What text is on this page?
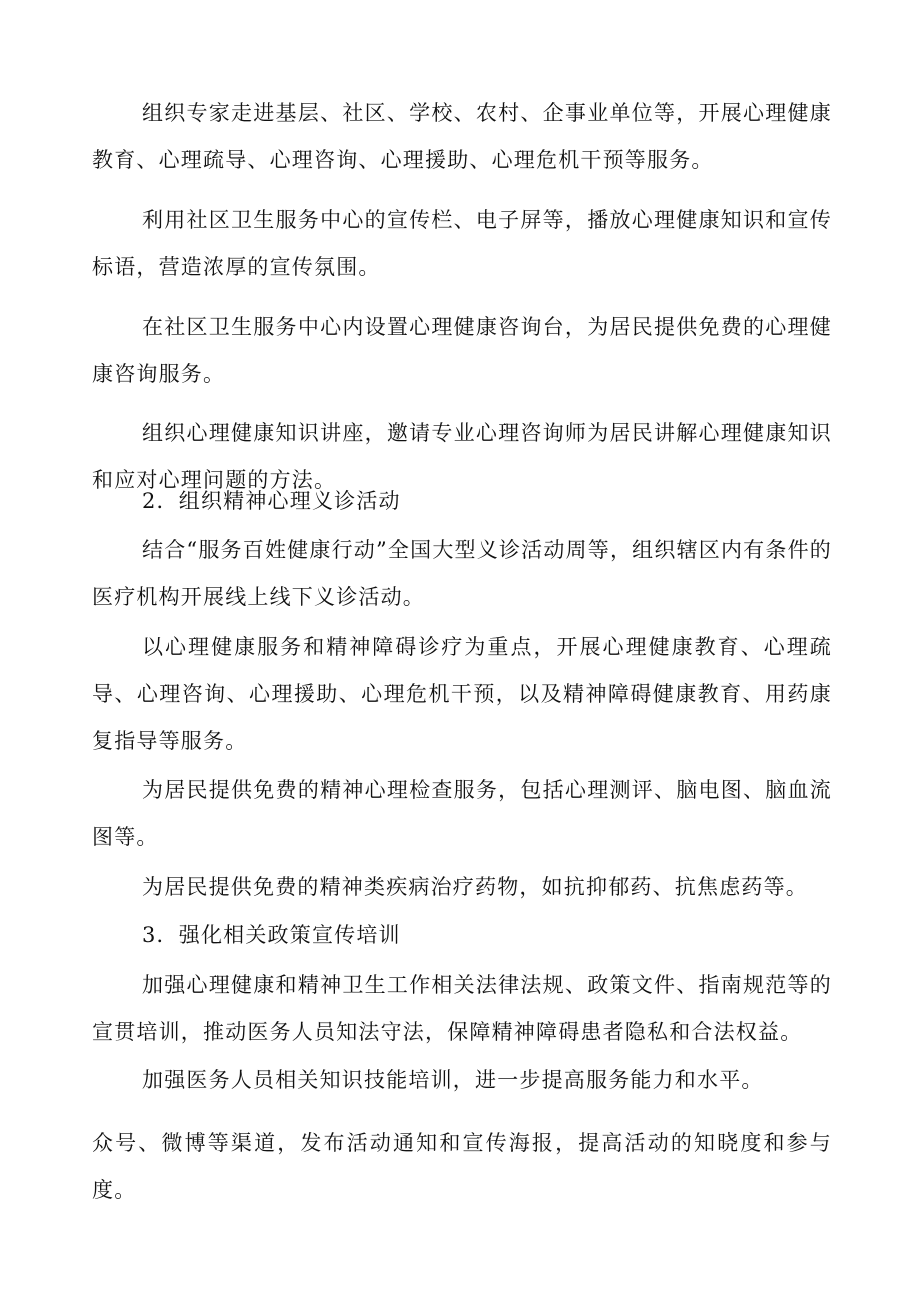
组织专家走进基层、社区、学校、农村、企事业单位等，开展心理健康教育、心理疏导、心理咨询、心理援助、心理危机干预等服务。

利用社区卫生服务中心的宣传栏、电子屏等，播放心理健康知识和宣传标语，营造浓厚的宣传氛围。

在社区卫生服务中心内设置心理健康咨询台，为居民提供免费的心理健康咨询服务。

组织心理健康知识讲座，邀请专业心理咨询师为居民讲解心理健康知识和应对心理问题的方法。

2．组织精神心理义诊活动

结合“服务百姓健康行动”全国大型义诊活动周等，组织辖区内有条件的医疗机构开展线上线下义诊活动。

以心理健康服务和精神障碍诊疗为重点，开展心理健康教育、心理疏导、心理咨询、心理援助、心理危机干预，以及精神障碍健康教育、用药康复指导等服务。

为居民提供免费的精神心理检查服务，包括心理测评、脑电图、脑血流图等。

为居民提供免费的精神类疾病治疗药物，如抗抑郁药、抗焦虑药等。

3．强化相关政策宣传培训

加强心理健康和精神卫生工作相关法律法规、政策文件、指南规范等的宣贯培训，推动医务人员知法守法，保障精神障碍患者隐私和合法权益。

加强医务人员相关知识技能培训，进一步提高服务能力和水平。

众号、微博等渠道，发布活动通知和宣传海报，提高活动的知晓度和参与度。
